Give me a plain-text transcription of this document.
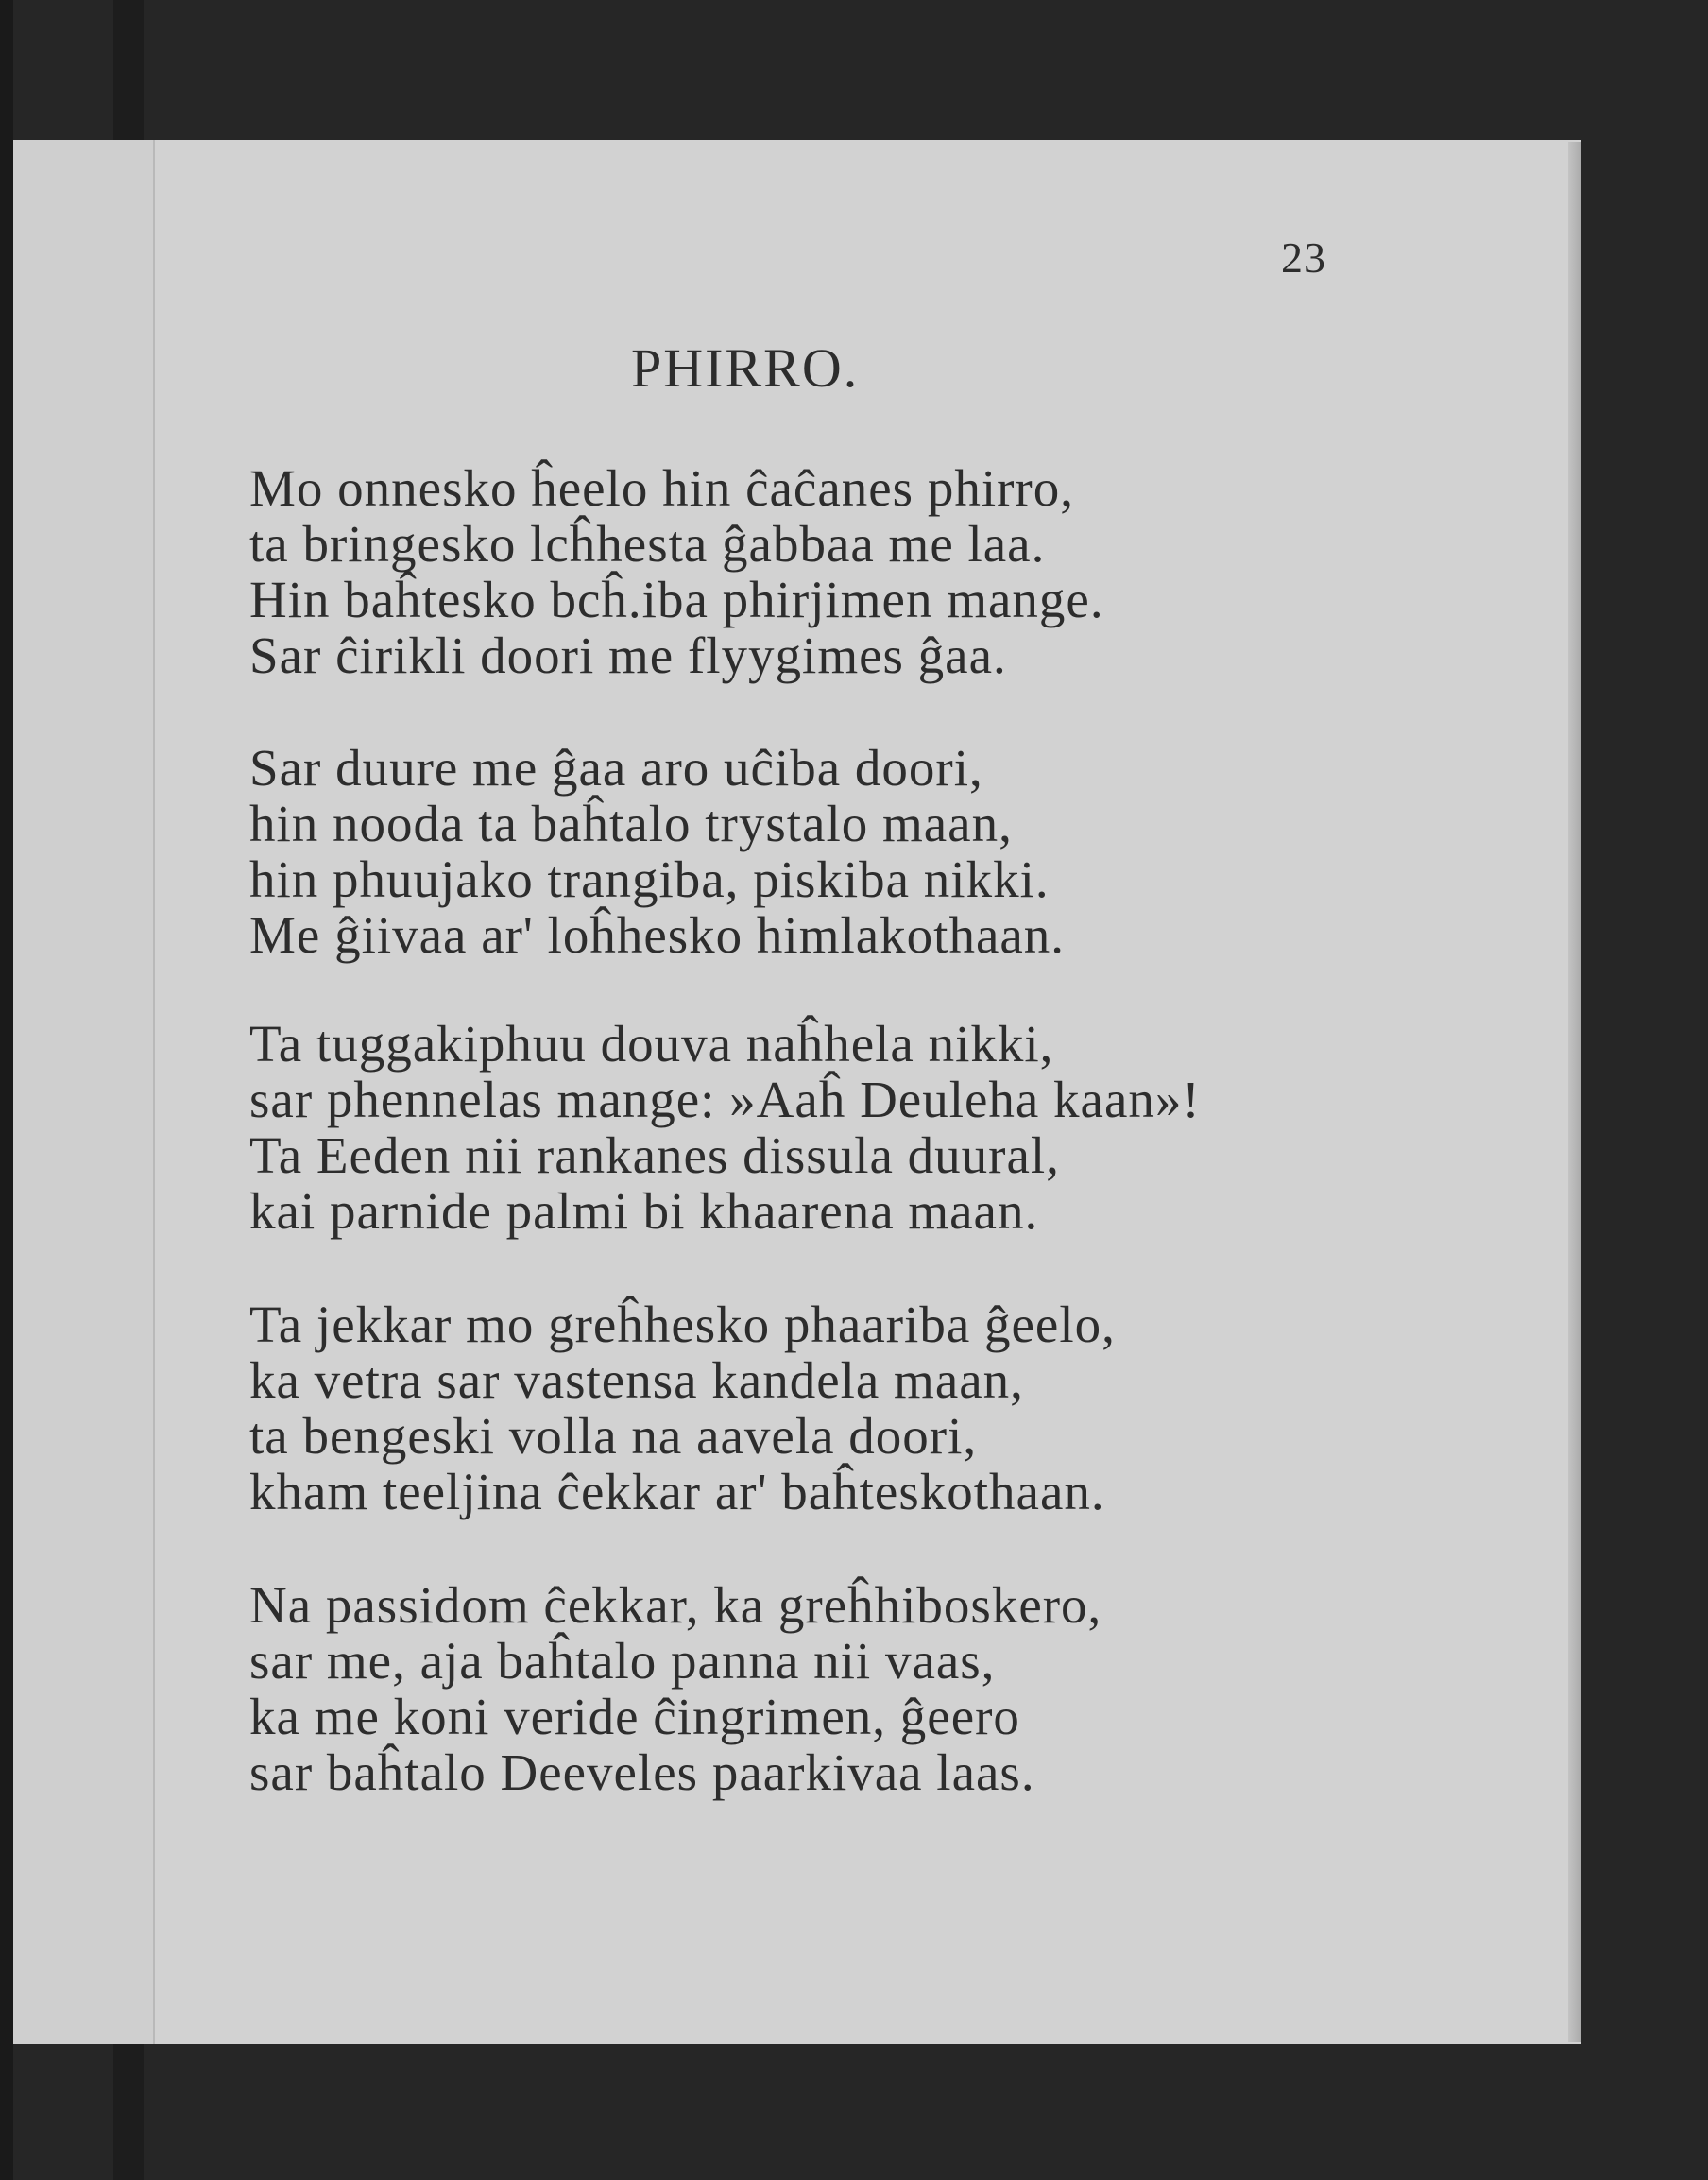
23
PHIRRO.
Mo onnesko ĥeelo hin ĉaĉanes phirro,
ta bringesko lcĥhesta ĝabbaa me laa.
Hin baĥtesko bcĥ.iba phirjimen mange.
Sar ĉirikli doori me flyygimes ĝaa.
Sar duure me ĝaa aro uĉiba doori,
hin nooda ta baĥtalo trystalo maan,
hin phuujako trangiba, piskiba nikki.
Me ĝiivaa ar' loĥhesko himlakothaan.
Ta tuggakiphuu douva naĥhela nikki,
sar phennelas mange: »Aaĥ Deuleha kaan»!
Ta Eeden nii rankanes dissula duural,
kai parnide palmi bi khaarena maan.
Ta jekkar mo greĥhesko phaariba ĝeelo,
ka vetra sar vastensa kandela maan,
ta bengeski volla na aavela doori,
kham teeljina ĉekkar ar' baĥteskothaan.
Na passidom ĉekkar, ka greĥhiboskero,
sar me, aja baĥtalo panna nii vaas,
ka me koni veride ĉingrimen, ĝeero
sar baĥtalo Deeveles paarkivaa laas.
